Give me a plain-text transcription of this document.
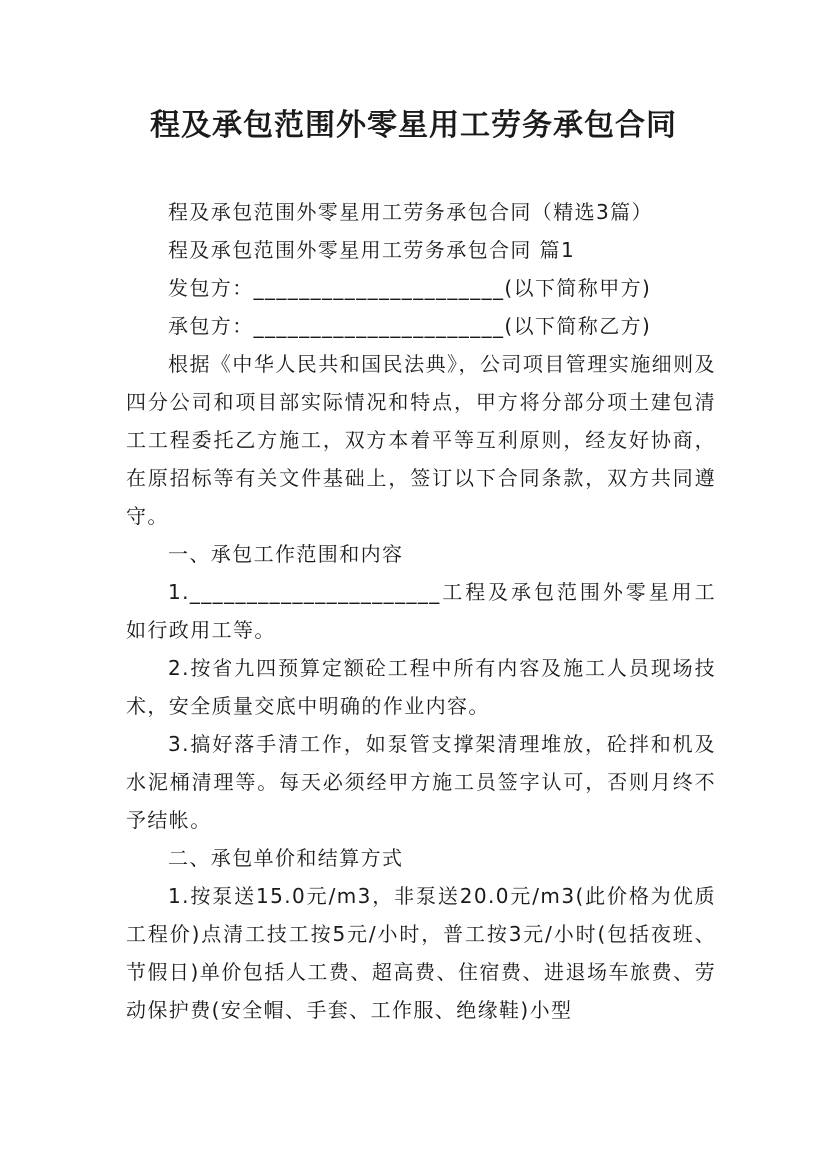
程及承包范围外零星用工劳务承包合同

程及承包范围外零星用工劳务承包合同（精选3篇）

程及承包范围外零星用工劳务承包合同 篇1

发包方：______________________(以下简称甲方)

承包方：______________________(以下简称乙方)

根据《中华人民共和国民法典》，公司项目管理实施细则及四分公司和项目部实际情况和特点，甲方将分部分项土建包清工工程委托乙方施工，双方本着平等互利原则，经友好协商，在原招标等有关文件基础上，签订以下合同条款，双方共同遵守。

一、承包工作范围和内容

1.______________________工程及承包范围外零星用工如行政用工等。

2.按省九四预算定额砼工程中所有内容及施工人员现场技术，安全质量交底中明确的作业内容。

3.搞好落手清工作，如泵管支撑架清理堆放，砼拌和机及水泥桶清理等。每天必须经甲方施工员签字认可，否则月终不予结帐。

二、承包单价和结算方式

1.按泵送15.0元/m3，非泵送20.0元/m3(此价格为优质工程价)点清工技工按5元/小时，普工按3元/小时(包括夜班、节假日)单价包括人工费、超高费、住宿费、进退场车旅费、劳动保护费(安全帽、手套、工作服、绝缘鞋)小型
